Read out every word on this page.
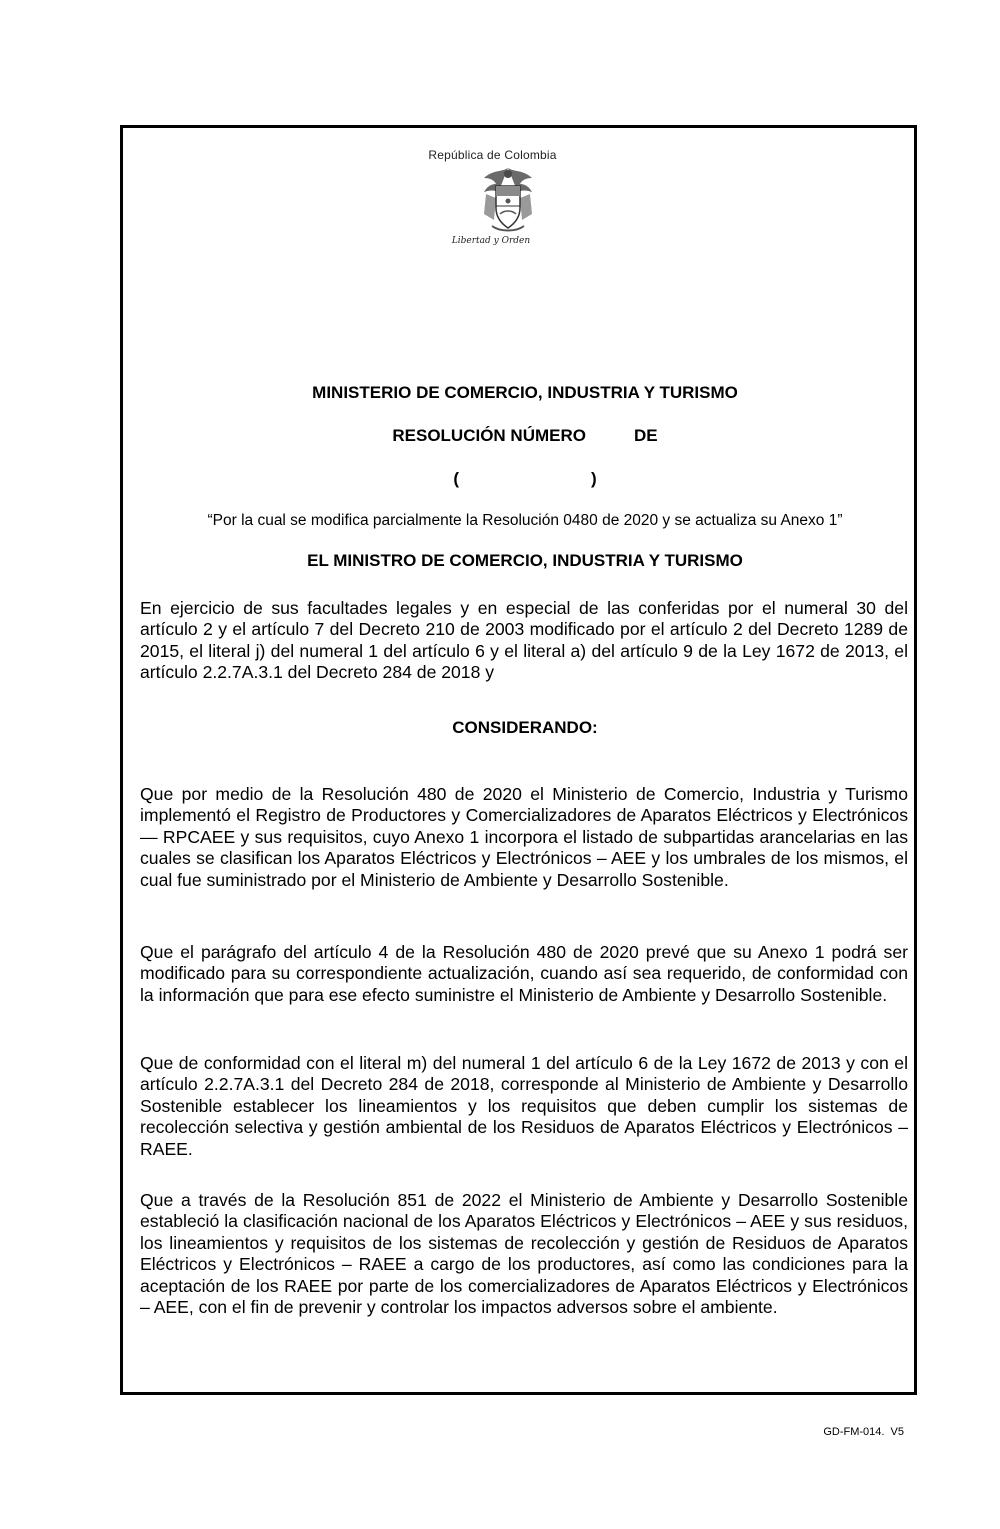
República de Colombia
Libertad y Orden
MINISTERIO DE COMERCIO, INDUSTRIA Y TURISMO
RESOLUCIÓN NÚMERO	DE
(	)
“Por la cual se modifica parcialmente la Resolución 0480 de 2020 y se actualiza su Anexo 1”
EL MINISTRO DE COMERCIO, INDUSTRIA Y TURISMO

En ejercicio de sus facultades legales y en especial de las conferidas por el numeral 30 del artículo 2 y el artículo 7 del Decreto 210 de 2003 modificado por el artículo 2 del Decreto 1289 de 2015, el literal j) del numeral 1 del artículo 6 y el literal a) del artículo 9 de la Ley 1672 de 2013, el artículo 2.2.7A.3.1 del Decreto 284 de 2018 y

CONSIDERANDO:

Que por medio de la Resolución 480 de 2020 el Ministerio de Comercio, Industria y Turismo implementó el Registro de Productores y Comercializadores de Aparatos Eléctricos y Electrónicos — RPCAEE y sus requisitos, cuyo Anexo 1 incorpora el listado de subpartidas arancelarias en las cuales se clasifican los Aparatos Eléctricos y Electrónicos – AEE y los umbrales de los mismos, el cual fue suministrado por el Ministerio de Ambiente y Desarrollo Sostenible.

Que el parágrafo del artículo 4 de la Resolución 480 de 2020 prevé que su Anexo 1 podrá ser modificado para su correspondiente actualización, cuando así sea requerido, de conformidad con la información que para ese efecto suministre el Ministerio de Ambiente y Desarrollo Sostenible.

Que de conformidad con el literal m) del numeral 1 del artículo 6 de la Ley 1672 de 2013 y con el artículo 2.2.7A.3.1 del Decreto 284 de 2018, corresponde al Ministerio de Ambiente y Desarrollo Sostenible establecer los lineamientos y los requisitos que deben cumplir los sistemas de recolección selectiva y gestión ambiental de los Residuos de Aparatos Eléctricos y Electrónicos – RAEE.

Que a través de la Resolución 851 de 2022 el Ministerio de Ambiente y Desarrollo Sostenible estableció la clasificación nacional de los Aparatos Eléctricos y Electrónicos – AEE y sus residuos, los lineamientos y requisitos de los sistemas de recolección y gestión de Residuos de Aparatos Eléctricos y Electrónicos – RAEE a cargo de los productores, así como las condiciones para la aceptación de los RAEE por parte de los comercializadores de Aparatos Eléctricos y Electrónicos – AEE, con el fin de prevenir y controlar los impactos adversos sobre el ambiente.

GD-FM-014.  V5
